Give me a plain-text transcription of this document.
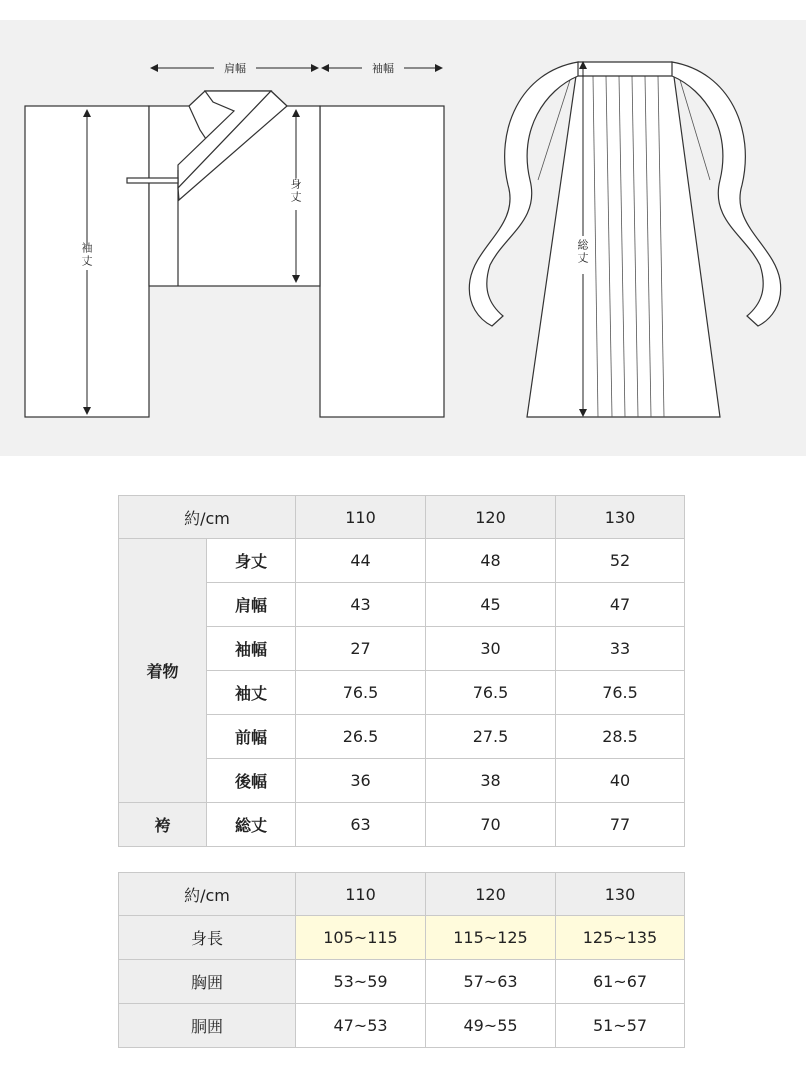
肩幅	袖幅
袖丈
身丈
総丈
約/cm		110	120	130
着物	身丈	44	48	52
	肩幅	43	45	47
	袖幅	27	30	33
	袖丈	76.5	76.5	76.5
	前幅	26.5	27.5	28.5
	後幅	36	38	40
袴	総丈	63	70	77
約/cm	110	120	130
身長	105~115	115~125	125~135
胸囲	53~59	57~63	61~67
胴囲	47~53	49~55	51~57
